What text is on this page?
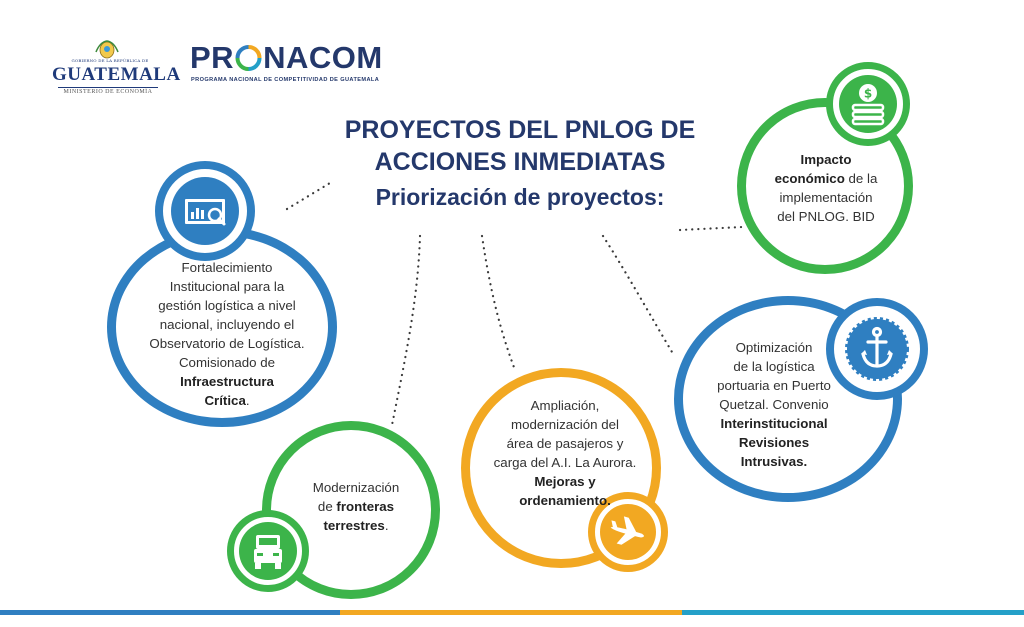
GOBIERNO DE LA REPÚBLICA DE
GUATEMALA
MINISTERIO DE ECONOMÍA
PR NACOM
PROGRAMA NACIONAL DE COMPETITIVIDAD DE GUATEMALA
PROYECTOS DEL PNLOG DE
ACCIONES INMEDIATAS
Priorización de proyectos:
Fortalecimiento
Institucional para la
gestión logística a nivel
nacional, incluyendo el
Observatorio de Logística.
Comisionado de
Infraestructura
Crítica.
Modernización
de fronteras
terrestres.
Ampliación,
modernización del
área de pasajeros y
carga del A.I. La Aurora.
Mejoras y
ordenamiento.
Optimización
de la logística
portuaria en Puerto
Quetzal. Convenio
Interinstitucional
Revisiones
Intrusivas.
$
Impacto
económico de la
implementación
del PNLOG. BID
